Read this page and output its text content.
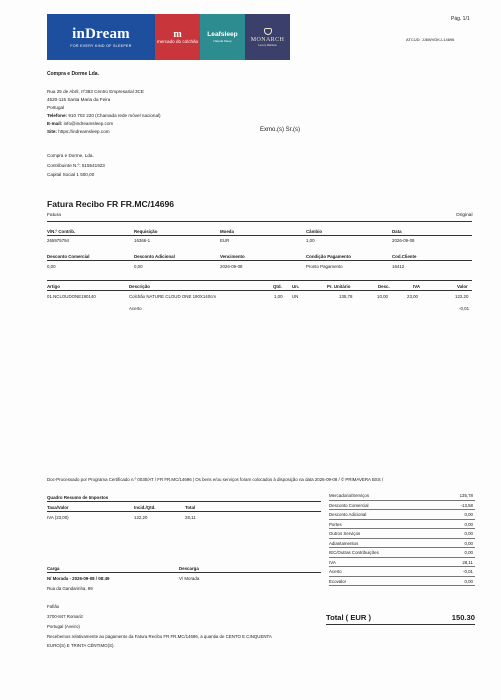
inDream
FOR EVERY KIND OF SLEEPER
m
mercado do colchão
Leafsleep
Natural Sleep	MONARCH
Luxury Mattress
Pág. 1/1
ATCUD: JJ6WVDKJ-14696
Compra e Dorme Lda.
Rua 25 de Abril, nº383 Centro Empresarial 3CE
4520-115 Santa Maria da Feira
Portugal
Telefone: 910 702 220 (Chamada rede móvel nacional)
E-mail: info@indreamsleep.com
Site: https://indreamsleep.com	Exmo.(s) Sr.(s)
Compra e Dorme, Lda.
Contribuinte N.º: 515541923
Capital Social 1 500,00
Fatura Recibo FR FR.MC/14696
Fatura	Original
V/N.º Contrib.	Requisição	Moeda	Câmbio	Data
265975794	16366-1	EUR	1,00	2026-09-08
Desconto Comercial	Desconto Adicional	Vencimento	Condição Pagamento	Cod.Cliente
0,00	0,00	2026-09-08	Pronto Pagamento	16412
Artigo	Descrição	Qtd. Un.	Pr. Unitário	Desc.	IVA	Valor
01.NCLOUDONE190140	Colchão NATURE CLOUD ONE 190X140cm	1,00 UN	135,78	10,00	23,00	122,20
Acerto	-0,01
Doc-Processado por Programa Certificado n.º 0030/AT / FR FR.MC/14696 | Os bens e/ou serviços foram colocados à disposição na data 2026-09-08 / © PRIMAVERA BSS /
Quadro Resumo de Impostos
Taxa/Valor	Incid./Qtd.	Total
IVA (23,00)	122,20	28,11
Mercadoria/Serviços	135,78
Desconto Comercial	-13,58
Desconto Adicional	0,00
Portes	0,00
Outros Serviços	0,00
Adiantamentos	0,00
IEC/Outras Contribuições	0,00
IVA	28,11
Acerto	-0,01
Ecovalor	0,00
Carga	Descarga
N/ Morada - 2026-09-08 / 08:49	V/ Morada
Rua da Gandarinha, 89
Fafião
3700-847 Romariz
Portugal (Aveiro)
Recebemos relativamente ao pagamento da Fatura Recibo FR FR.MC/14696, a quantia de CENTO E CINQUENTA EURO(S) E TRINTA CÊNTIMO(S).
Total ( EUR )	150.30
